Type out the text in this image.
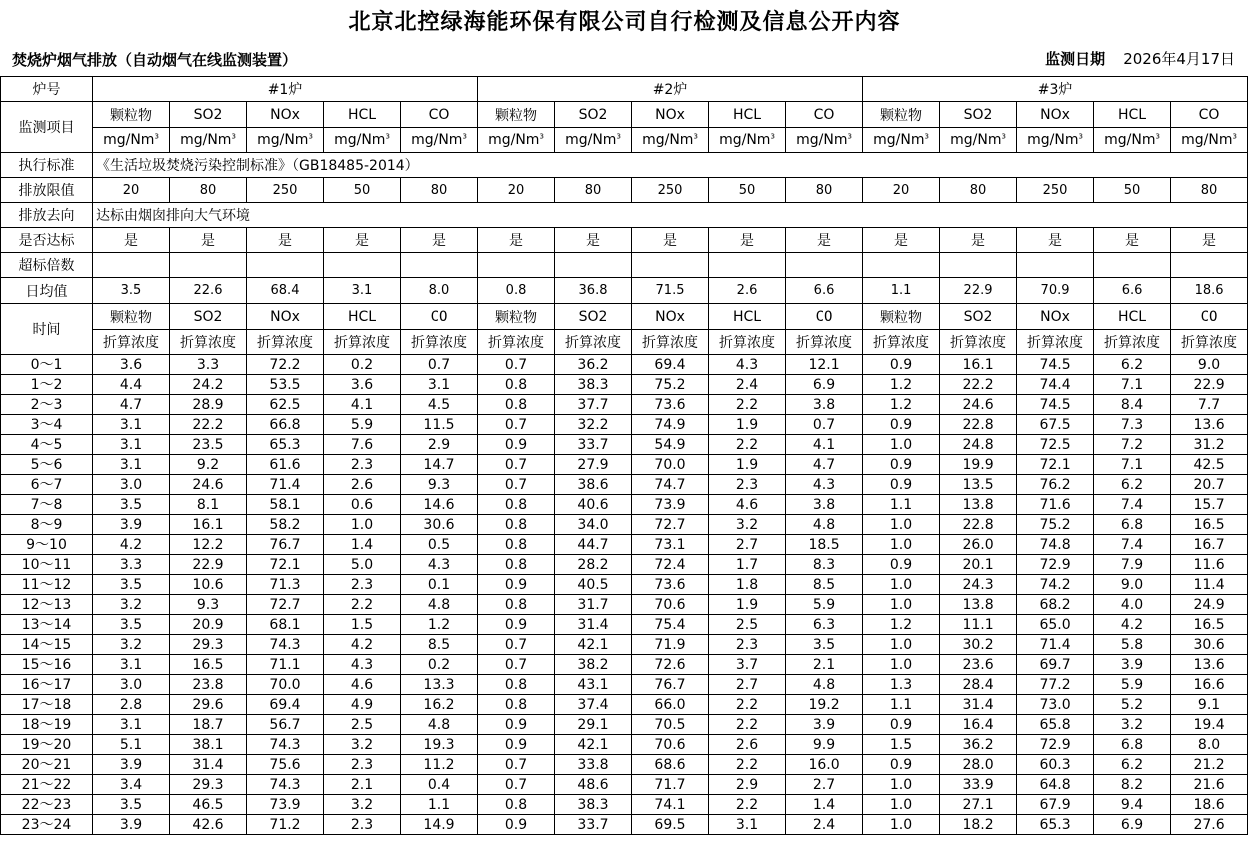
北京北控绿海能环保有限公司自行检测及信息公开内容
焚烧炉烟气排放（自动烟气在线监测装置）	监测日期 2026年4月17日
炉号	#1炉					#2炉					#3炉				
监测项目	颗粒物	SO2	NOx	HCL	CO	颗粒物	SO2	NOx	HCL	CO	颗粒物	SO2	NOx	HCL	CO
	mg/Nm$^3$	mg/Nm$^3$	mg/Nm$^3$	mg/Nm$^3$	mg/Nm$^3$	mg/Nm$^3$	mg/Nm$^3$	mg/Nm$^3$	mg/Nm$^3$	mg/Nm$^3$	mg/Nm$^3$	mg/Nm$^3$	mg/Nm$^3$	mg/Nm$^3$	mg/Nm$^3$
执行标准	《生活垃圾焚烧污染控制标准》（GB18485-2014）														
排放限值	20	80	250	50	80	20	80	250	50	80	20	80	250	50	80
排放去向	达标由烟囱排向大气环境														
是否达标	是	是	是	是	是	是	是	是	是	是	是	是	是	是	是
超标倍数															
日均值	3.5	22.6	68.4	3.1	8.0	0.8	36.8	71.5	2.6	6.6	1.1	22.9	70.9	6.6	18.6
时间	颗粒物	SO2	NOx	HCL	CO	颗粒物	SO2	NOx	HCL	CO	颗粒物	SO2	NOx	HCL	CO
	折算浓度	折算浓度	折算浓度	折算浓度	折算浓度	折算浓度	折算浓度	折算浓度	折算浓度	折算浓度	折算浓度	折算浓度	折算浓度	折算浓度	折算浓度
0～1	3.6	3.3	72.2	0.2	0.7	0.7	36.2	69.4	4.3	12.1	0.9	16.1	74.5	6.2	9.0
1～2	4.4	24.2	53.5	3.6	3.1	0.8	38.3	75.2	2.4	6.9	1.2	22.2	74.4	7.1	22.9
2～3	4.7	28.9	62.5	4.1	4.5	0.8	37.7	73.6	2.2	3.8	1.2	24.6	74.5	8.4	7.7
3～4	3.1	22.2	66.8	5.9	11.5	0.7	32.2	74.9	1.9	0.7	0.9	22.8	67.5	7.3	13.6
4～5	3.1	23.5	65.3	7.6	2.9	0.9	33.7	54.9	2.2	4.1	1.0	24.8	72.5	7.2	31.2
5～6	3.1	9.2	61.6	2.3	14.7	0.7	27.9	70.0	1.9	4.7	0.9	19.9	72.1	7.1	42.5
6～7	3.0	24.6	71.4	2.6	9.3	0.7	38.6	74.7	2.3	4.3	0.9	13.5	76.2	6.2	20.7
7～8	3.5	8.1	58.1	0.6	14.6	0.8	40.6	73.9	4.6	3.8	1.1	13.8	71.6	7.4	15.7
8～9	3.9	16.1	58.2	1.0	30.6	0.8	34.0	72.7	3.2	4.8	1.0	22.8	75.2	6.8	16.5
9～10	4.2	12.2	76.7	1.4	0.5	0.8	44.7	73.1	2.7	18.5	1.0	26.0	74.8	7.4	16.7
10～11	3.3	22.9	72.1	5.0	4.3	0.8	28.2	72.4	1.7	8.3	0.9	20.1	72.9	7.9	11.6
11～12	3.5	10.6	71.3	2.3	0.1	0.9	40.5	73.6	1.8	8.5	1.0	24.3	74.2	9.0	11.4
12～13	3.2	9.3	72.7	2.2	4.8	0.8	31.7	70.6	1.9	5.9	1.0	13.8	68.2	4.0	24.9
13～14	3.5	20.9	68.1	1.5	1.2	0.9	31.4	75.4	2.5	6.3	1.2	11.1	65.0	4.2	16.5
14～15	3.2	29.3	74.3	4.2	8.5	0.7	42.1	71.9	2.3	3.5	1.0	30.2	71.4	5.8	30.6
15～16	3.1	16.5	71.1	4.3	0.2	0.7	38.2	72.6	3.7	2.1	1.0	23.6	69.7	3.9	13.6
16～17	3.0	23.8	70.0	4.6	13.3	0.8	43.1	76.7	2.7	4.8	1.3	28.4	77.2	5.9	16.6
17～18	2.8	29.6	69.4	4.9	16.2	0.8	37.4	66.0	2.2	19.2	1.1	31.4	73.0	5.2	9.1
18～19	3.1	18.7	56.7	2.5	4.8	0.9	29.1	70.5	2.2	3.9	0.9	16.4	65.8	3.2	19.4
19～20	5.1	38.1	74.3	3.2	19.3	0.9	42.1	70.6	2.6	9.9	1.5	36.2	72.9	6.8	8.0
20～21	3.9	31.4	75.6	2.3	11.2	0.7	33.8	68.6	2.2	16.0	0.9	28.0	60.3	6.2	21.2
21～22	3.4	29.3	74.3	2.1	0.4	0.7	48.6	71.7	2.9	2.7	1.0	33.9	64.8	8.2	21.6
22～23	3.5	46.5	73.9	3.2	1.1	0.8	38.3	74.1	2.2	1.4	1.0	27.1	67.9	9.4	18.6
23～24	3.9	42.6	71.2	2.3	14.9	0.9	33.7	69.5	3.1	2.4	1.0	18.2	65.3	6.9	27.6
